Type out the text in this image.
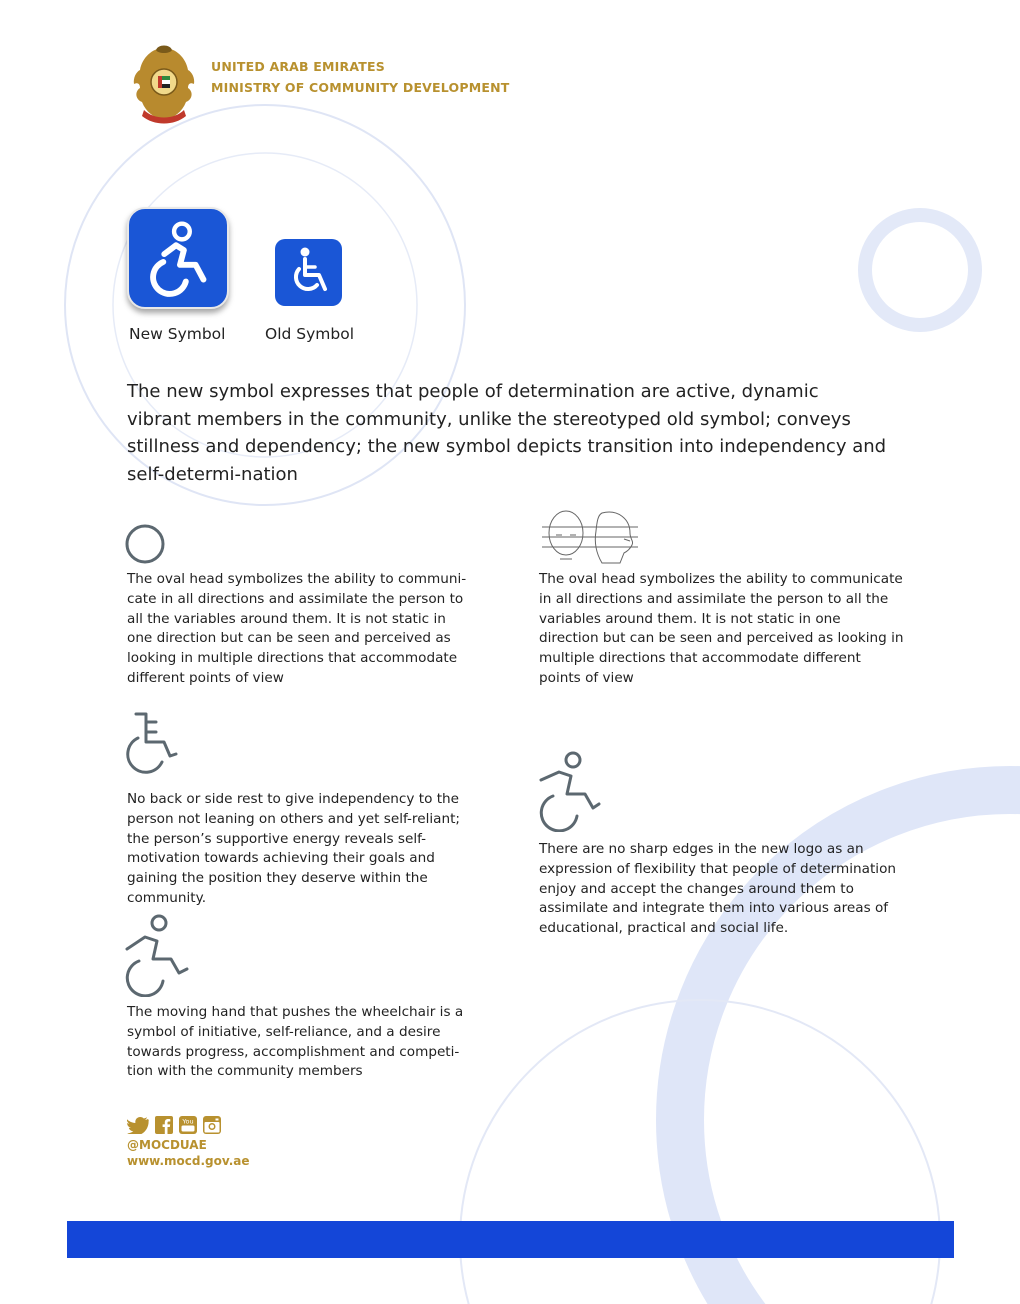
UNITED ARAB EMIRATES
MINISTRY OF COMMUNITY DEVELOPMENT
New Symbol	Old Symbol
The new symbol expresses that people of determination are active, dynamic vibrant members in the community, unlike the stereotyped old symbol; conveys stillness and dependency; the new symbol depicts transition into independency and self-determi-nation
The oval head symbolizes the ability to communi-cate in all directions and assimilate the person to all the variables around them. It is not static in one direction but can be seen and perceived as looking in multiple directions that accommodate different points of view
The oval head symbolizes the ability to communicate in all directions and assimilate the person to all the variables around them. It is not static in one direction but can be seen and perceived as looking in multiple directions that accommodate different points of view
No back or side rest to give independency to the person not leaning on others and yet self-reliant; the person’s supportive energy reveals self-motivation towards achieving their goals and gaining the position they deserve within the community.
There are no sharp edges in the new logo as an expression of flexibility that people of determination enjoy and accept the changes around them to assimilate and integrate them into various areas of educational, practical and social life.
The moving hand that pushes the wheelchair is a symbol of initiative, self-reliance, and a desire towards progress, accomplishment and competi-tion with the community members
You
@MOCDUAE
www.mocd.gov.ae
